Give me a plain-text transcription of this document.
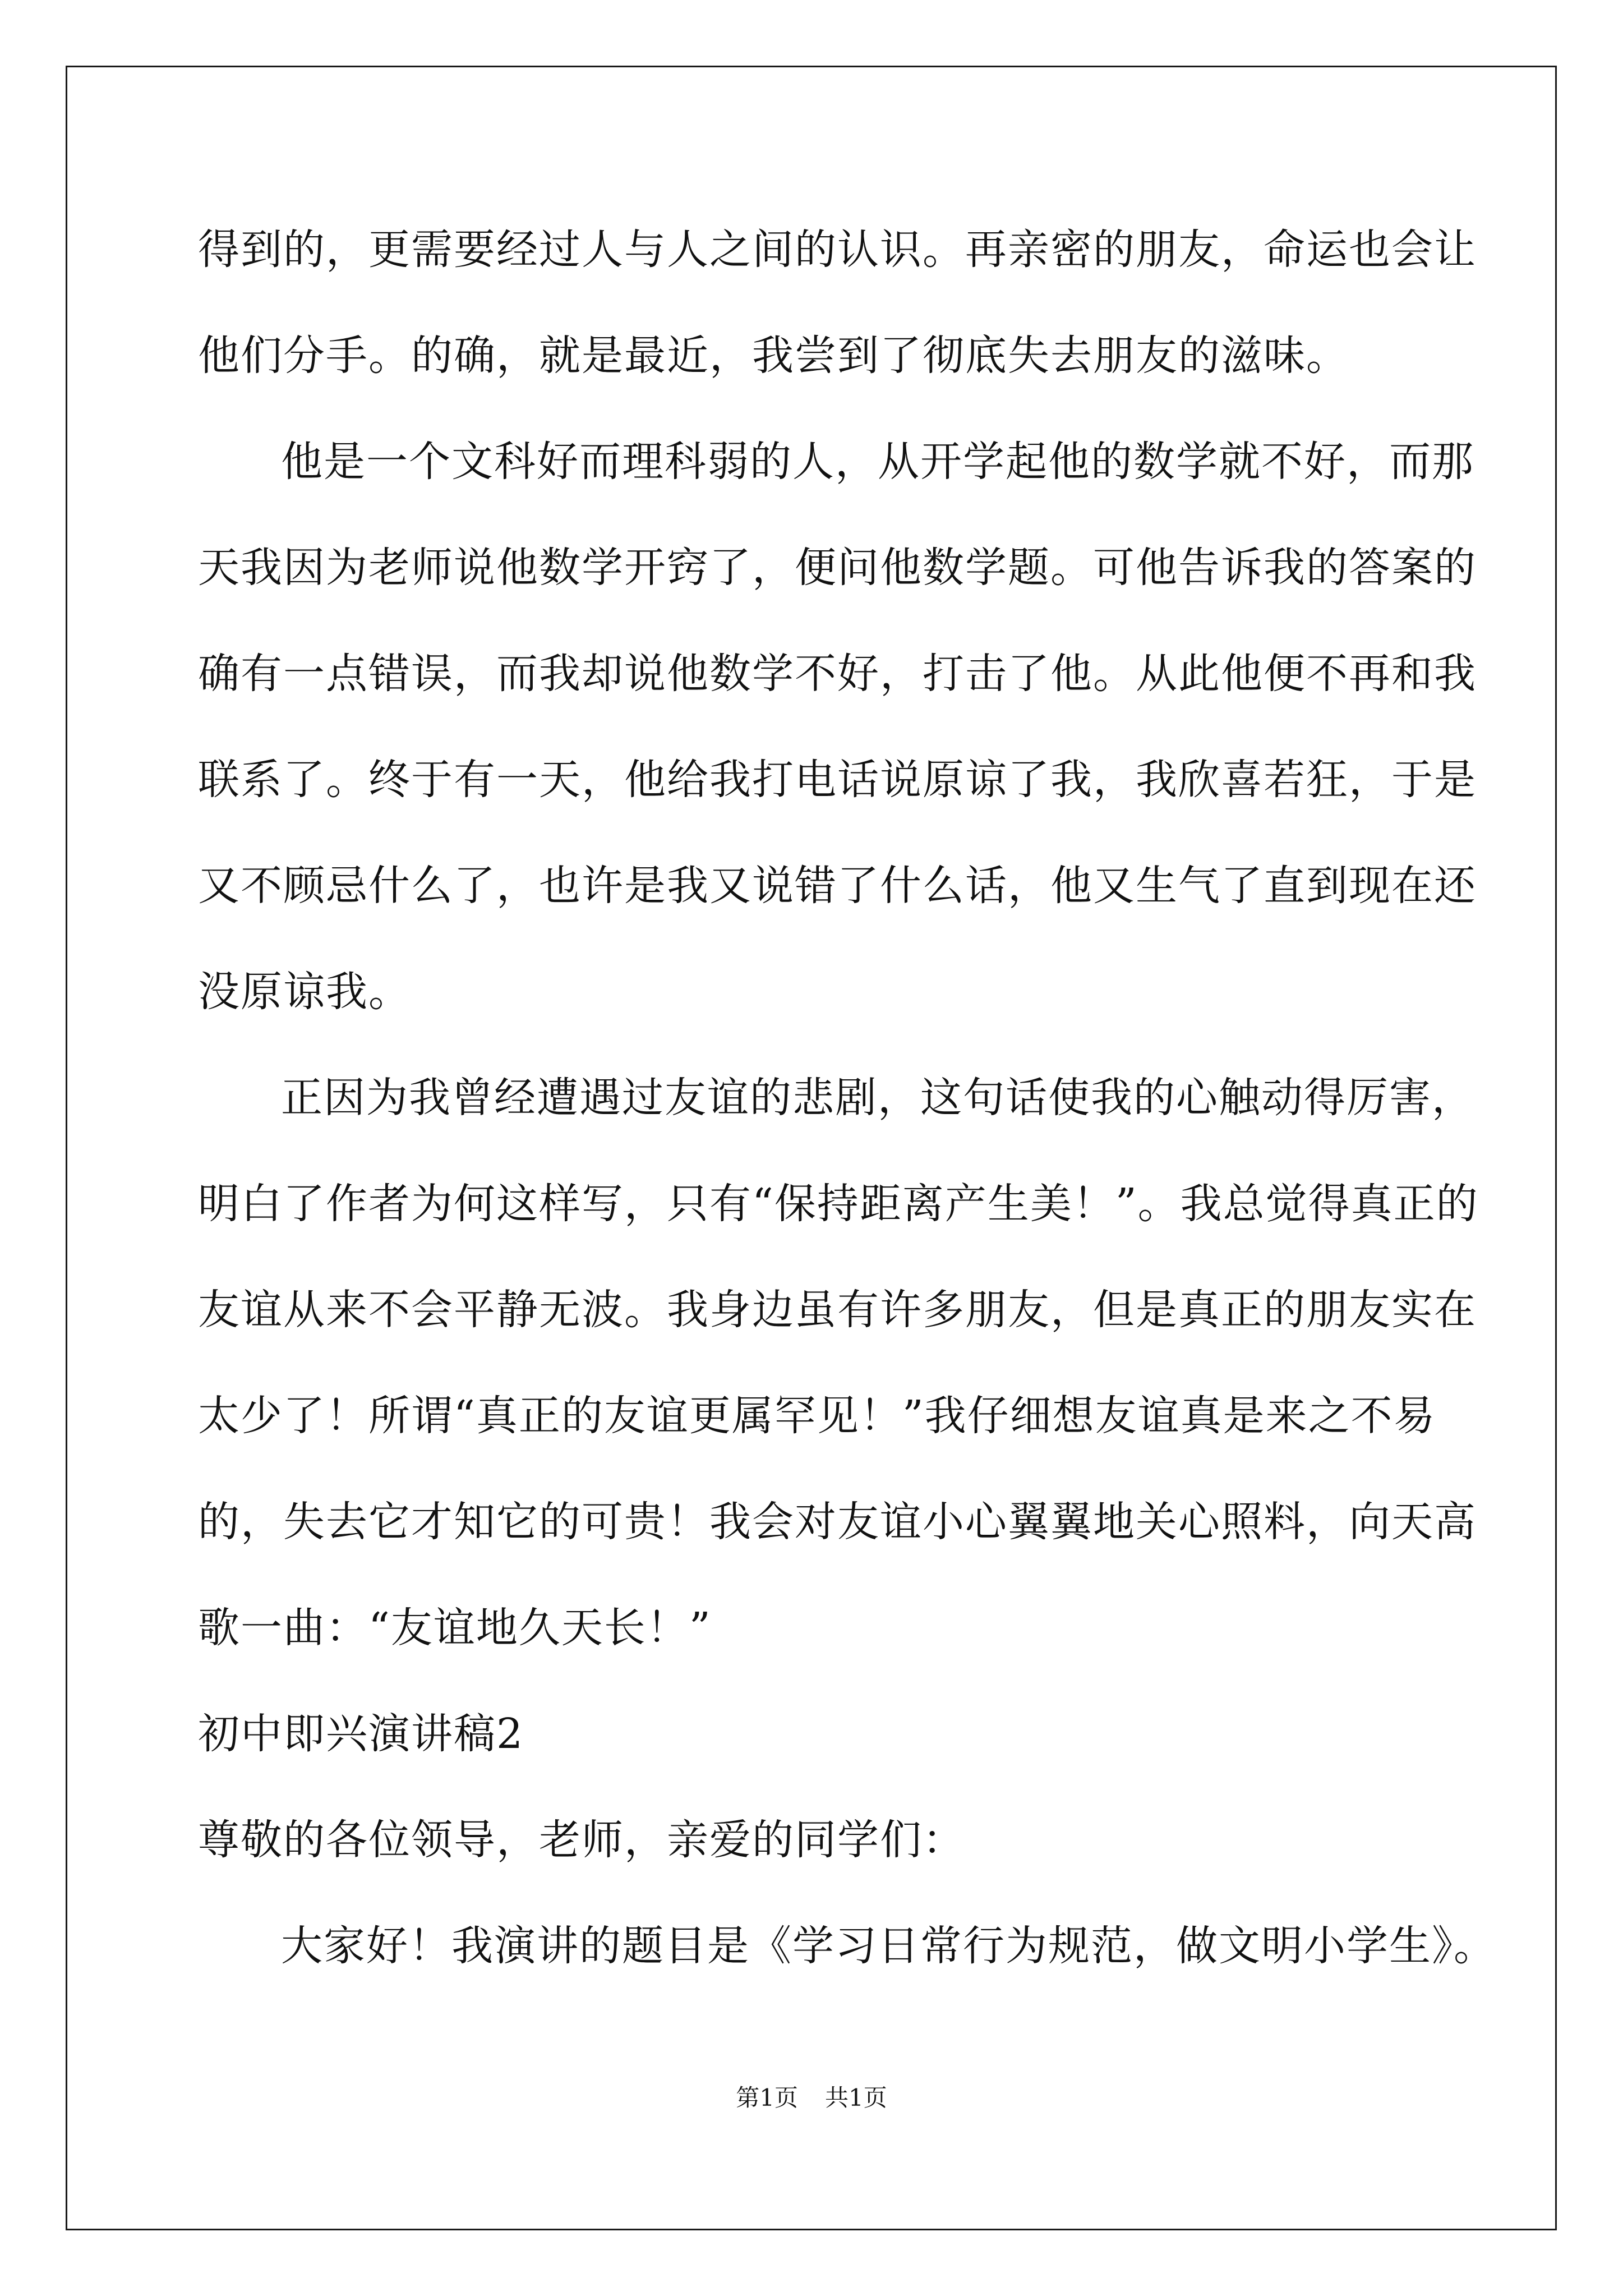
得到的，更需要经过人与人之间的认识。再亲密的朋友，命运也会让
他们分手。的确，就是最近，我尝到了彻底失去朋友的滋味。
他是一个文科好而理科弱的人，从开学起他的数学就不好，而那
天我因为老师说他数学开窍了，便问他数学题。可他告诉我的答案的
确有一点错误，而我却说他数学不好，打击了他。从此他便不再和我
联系了。终于有一天，他给我打电话说原谅了我，我欣喜若狂，于是
又不顾忌什么了，也许是我又说错了什么话，他又生气了直到现在还
没原谅我。
正因为我曾经遭遇过友谊的悲剧，这句话使我的心触动得厉害，
明白了作者为何这样写，只有“保持距离产生美！”。我总觉得真正的
友谊从来不会平静无波。我身边虽有许多朋友，但是真正的朋友实在
太少了！所谓“真正的友谊更属罕见！”我仔细想友谊真是来之不易
的，失去它才知它的可贵！我会对友谊小心翼翼地关心照料，向天高
歌一曲：“友谊地久天长！”
初中即兴演讲稿2
尊敬的各位领导，老师，亲爱的同学们：
大家好！我演讲的题目是《学习日常行为规范，做文明小学生》。
第1页 共1页
